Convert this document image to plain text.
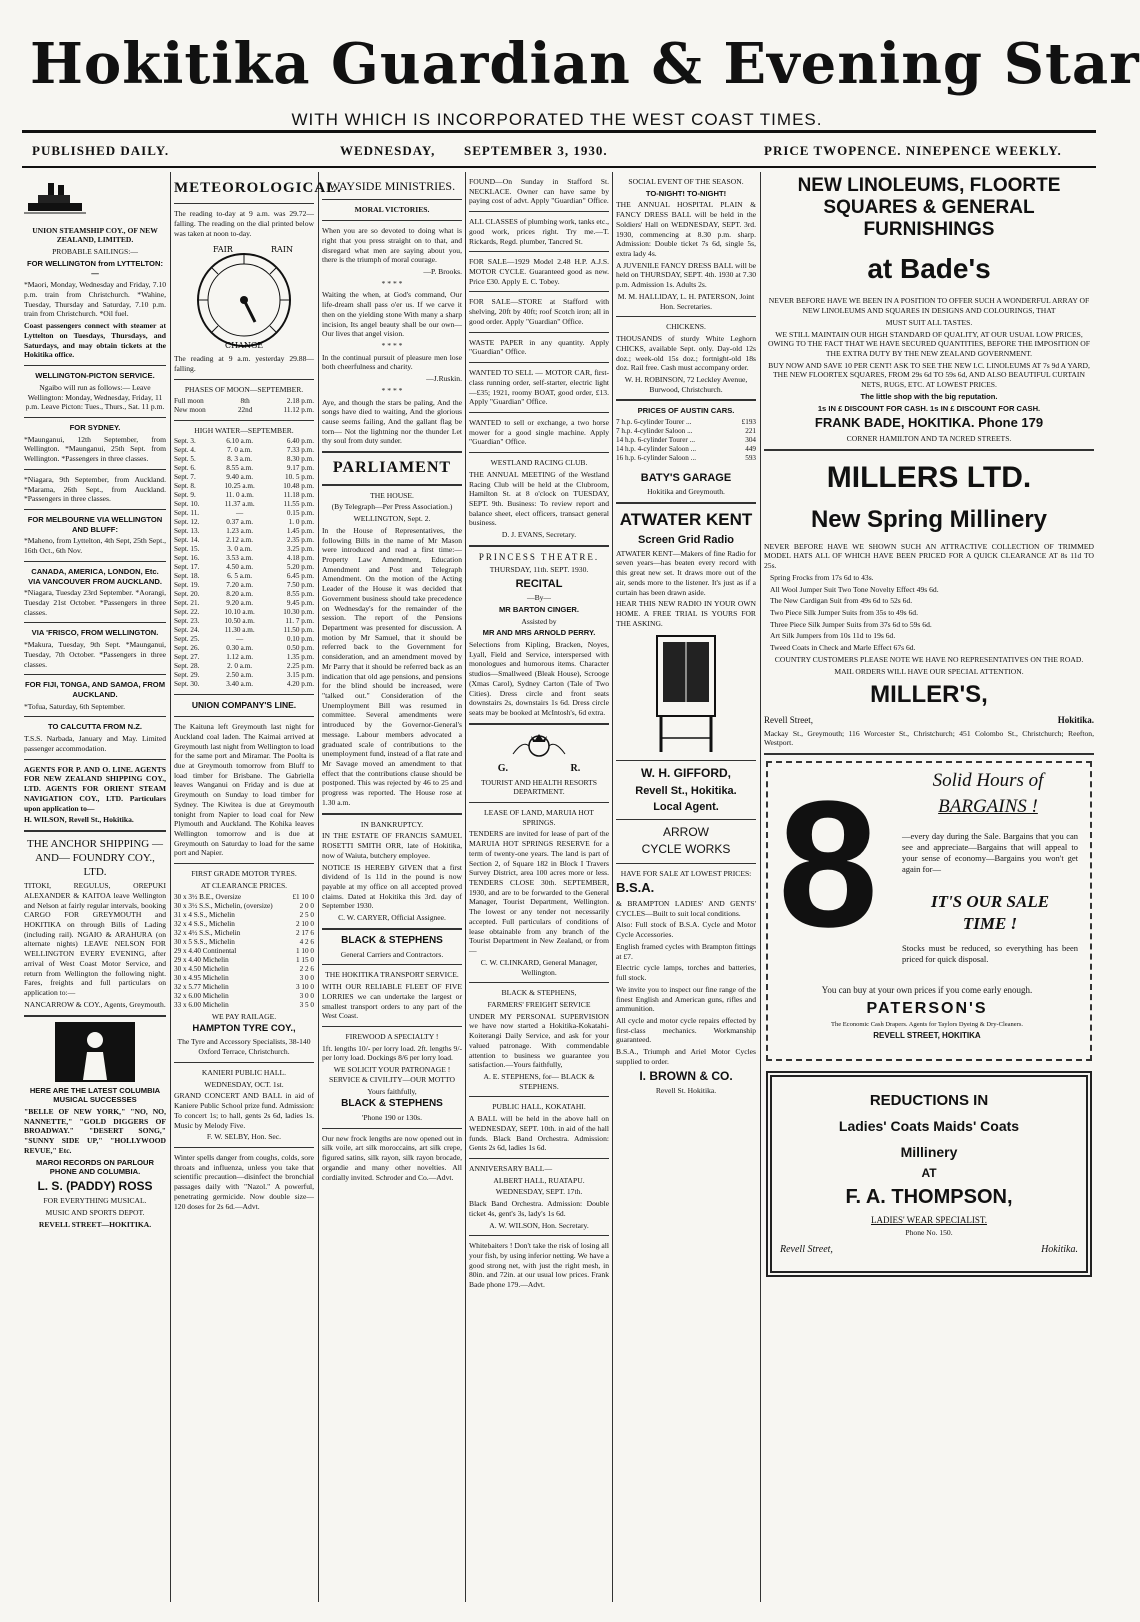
Hokitika Guardian & Evening Star
WITH WHICH IS INCORPORATED THE WEST COAST TIMES.
PUBLISHED DAILY.	WEDNESDAY, SEPTEMBER 3, 1930.	PRICE TWOPENCE. NINEPENCE WEEKLY.

UNION STEAMSHIP COY., OF NEW ZEALAND, LIMITED.

PROBABLE SAILINGS:—

FOR WELLINGTON from LYTTELTON:—

*Maori, Monday, Wednesday and Friday, 7.10 p.m. train from Christchurch. *Wahine, Tuesday, Thursday and Saturday, 7.10 p.m. train from Christchurch. *Oil fuel.

Coast passengers connect with steamer at Lyttelton on Tuesdays, Thursdays, and Saturdays, and may obtain tickets at the Hokitika office.

WELLINGTON-PICTON SERVICE.

Ngaibo will run as follows:— Leave Wellington: Monday, Wednesday, Friday, 11 p.m. Leave Picton: Tues., Thurs., Sat. 11 p.m.

FOR SYDNEY.

*Maunganui, 12th September, from Wellington. *Maunganui, 25th Sept. from Wellington. *Passengers in three classes.

*Niagara, 9th September, from Auckland. *Marama, 26th Sept., from Auckland. *Passengers in three classes.

FOR MELBOURNE VIA WELLINGTON AND BLUFF:

*Maheno, from Lyttelton, 4th Sept, 25th Sept., 16th Oct., 6th Nov.

CANADA, AMERICA, LONDON, Etc. VIA VANCOUVER FROM AUCKLAND.

*Niagara, Tuesday 23rd September. *Aorangi, Tuesday 21st October. *Passengers in three classes.

VIA 'FRISCO, FROM WELLINGTON.

*Makura, Tuesday, 9th Sept. *Maunganui, Tuesday, 7th October. *Passengers in three classes.

FOR FIJI, TONGA, AND SAMOA, FROM AUCKLAND.

*Tofua, Saturday, 6th September.

TO CALCUTTA FROM N.Z.

T.S.S. Narbada, January and May. Limited passenger accommodation.

AGENTS FOR P. AND O. LINE. AGENTS FOR NEW ZEALAND SHIPPING COY., LTD. AGENTS FOR ORIENT STEAM NAVIGATION COY., LTD. Particulars upon application to—

H. WILSON, Revell St., Hokitika.

THE ANCHOR SHIPPING —AND— FOUNDRY COY., LTD.

TITOKI, REGULUS, OREPUKI ALEXANDER & KAITOA leave Wellington and Nelson at fairly regular intervals, booking CARGO FOR GREYMOUTH and HOKITIKA on through Bills of Lading (including rail). NGAIO & ARAHURA (on alternate nights) LEAVE NELSON FOR WELLINGTON EVERY EVENING, after arrival of West Coast Motor Service, and return from Wellington the following night. Fares, freights and full particulars on application to:—

NANCARROW & COY., Agents, Greymouth.

HERE ARE THE LATEST COLUMBIA MUSICAL SUCCESSES

"BELLE OF NEW YORK," "NO, NO, NANNETTE," "GOLD DIGGERS OF BROADWAY." "DESERT SONG," "SUNNY SIDE UP," "HOLLYWOOD REVUE," Etc.

MAROI RECORDS ON PARLOUR PHONE AND COLUMBIA.

L. S. (PADDY) ROSS

FOR EVERYTHING MUSICAL.

MUSIC AND SPORTS DEPOT.

REVELL STREET—HOKITIKA.

METEOROLOGICAL.

The reading to-day at 9 a.m. was 29.72—falling. The reading on the dial printed below was taken at noon to-day.

FAIR	RAIN
CHANGE

The reading at 9 a.m. yesterday 29.88—falling.

PHASES OF MOON—SEPTEMBER.

Full moon	8th	2.18 p.m.
New moon	22nd	11.12 p.m.

HIGH WATER—SEPTEMBER.

Sept. 3.	6.10 a.m.	6.40 p.m.
Sept. 4.	7. 0 a.m.	7.33 p.m.
Sept. 5.	8. 3 a.m.	8.30 p.m.
Sept. 6.	8.55 a.m.	9.17 p.m.
Sept. 7.	9.40 a.m.	10. 5 p.m.
Sept. 8.	10.25 a.m.	10.48 p.m.
Sept. 9.	11. 0 a.m.	11.18 p.m.
Sept. 10.	11.37 a.m.	11.55 p.m.
Sept. 11.	—	0.15 p.m.
Sept. 12.	0.37 a.m.	1. 0 p.m.
Sept. 13.	1.23 a.m.	1.45 p.m.
Sept. 14.	2.12 a.m.	2.35 p.m.
Sept. 15.	3. 0 a.m.	3.25 p.m.
Sept. 16.	3.53 a.m.	4.18 p.m.
Sept. 17.	4.50 a.m.	5.20 p.m.
Sept. 18.	6. 5 a.m.	6.45 p.m.
Sept. 19.	7.20 a.m.	7.50 p.m.
Sept. 20.	8.20 a.m.	8.55 p.m.
Sept. 21.	9.20 a.m.	9.45 p.m.
Sept. 22.	10.10 a.m.	10.30 p.m.
Sept. 23.	10.50 a.m.	11. 7 p.m.
Sept. 24.	11.30 a.m.	11.50 p.m.
Sept. 25.	—	0.10 p.m.
Sept. 26.	0.30 a.m.	0.50 p.m.
Sept. 27.	1.12 a.m.	1.35 p.m.
Sept. 28.	2. 0 a.m.	2.25 p.m.
Sept. 29.	2.50 a.m.	3.15 p.m.
Sept. 30.	3.40 a.m.	4.20 p.m.

UNION COMPANY'S LINE.

The Kaituna left Greymouth last night for Auckland coal laden. The Kaimai arrived at Greymouth last night from Wellington to load for the same port and Miramar. The Poolta is due at Greymouth tomorrow from Bluff to load timber for Brisbane. The Gabriella leaves Wanganui on Friday and is due at Greymouth on Sunday to load timber for Sydney. The Kiwitea is due at Greymouth tonight from Napier to load coal for New Plymouth and Auckland. The Kohika leaves Wellington tomorrow and is due at Greymouth on Saturday to load for the same port and Napier.

FIRST GRADE MOTOR TYRES.

AT CLEARANCE PRICES.

30 x 3½ B.E., Oversize	£1 10 0
30 x 3½ S.S., Michelin, (oversize)	2 0 0
31 x 4 S.S., Michelin	2 5 0
32 x 4 S.S., Michelin	2 10 0
32 x 4½ S.S., Michelin	2 17 6
30 x 5 S.S., Michelin	4 2 6
29 x 4.40 Continental	1 10 0
29 x 4.40 Michelin	1 15 0
30 x 4.50 Michelin	2 2 6
30 x 4.95 Michelin	3 0 0
32 x 5.77 Michelin	3 10 0
32 x 6.00 Michelin	3 0 0
33 x 6.00 Michelin	3 5 0

WE PAY RAILAGE.

HAMPTON TYRE COY.,

The Tyre and Accessory Specialists, 38-140 Oxford Terrace, Christchurch.

KANIERI PUBLIC HALL.

WEDNESDAY, OCT. 1st.

GRAND CONCERT AND BALL in aid of Kaniere Public School prize fund. Admission: To concert 1s; to hall, gents 2s 6d, ladies 1s. Music by Melody Five.

F. W. SELBY, Hon. Sec.

Winter spells danger from coughs, colds, sore throats and influenza, unless you take that scientific precaution—disinfect the bronchial passages daily with "Nazol." A powerful, penetrating germicide. Now double size—120 doses for 2s 6d.—Advt.

WAYSIDE MINISTRIES.

MORAL VICTORIES.

When you are so devoted to doing what is right that you press straight on to that, and disregard what men are saying about you, there is the triumph of moral courage.

—P. Brooks.

* * * *

Waiting the when, at God's command, Our life-dream shall pass o'er us. If we carve it then on the yielding stone With many a sharp incision, Its angel beauty shall be our own— Our lives that angel vision.

* * * *

In the continual pursuit of pleasure men lose both cheerfulness and charity.

—J.Ruskin.

* * * *

Aye, and though the stars be paling, And the songs have died to waiting, And the glorious cause seems failing, And the gallant flag be torn— Not the lightning nor the thunder Let thy soul from duty sunder.

PARLIAMENT

THE HOUSE.

(By Telegraph—Per Press Association.)

WELLINGTON, Sept. 2.

In the House of Representatives, the following Bills in the name of Mr Mason were introduced and read a first time:— Property Law Amendment, Education Amendment and Post and Telegraph Amendment. On the motion of the Acting Leader of the House it was decided that Government business should take precedence on Wednesday's for the remainder of the session. The report of the Pensions Department was presented for discussion. A motion by Mr Samuel, that it should be referred back to the Government for consideration, and an amendment moved by Mr Parry that it should be referred back as an indication that old age pensions, and pensions for the blind should be increased, were "talked out." Consideration of the Unemployment Bill was resumed in committee. Several amendments were introduced by the Governor-General's message. Labour members advocated a graduated scale of contributions to the unemployment fund, instead of a flat rate and Mr Savage moved an amendment to that effect that the contributions clause should be postponed. This was rejected by 46 to 25 and progress was reported. The House rose at 1.30 a.m.

IN BANKRUPTCY.

IN THE ESTATE OF FRANCIS SAMUEL ROSETTI SMITH ORR, late of Hokitika, now of Waiuta, butchery employee.

NOTICE IS HEREBY GIVEN that a first dividend of 1s 11d in the pound is now payable at my office on all accepted proved claims. Dated at Hokitika this 3rd. day of September 1930.

C. W. CARYER, Official Assignee.

BLACK & STEPHENS

General Carriers and Contractors.

THE HOKITIKA TRANSPORT SERVICE.

WITH OUR RELIABLE FLEET OF FIVE LORRIES we can undertake the largest or smallest transport orders to any part of the West Coast.

FIREWOOD A SPECIALTY !

1ft. lengths 10/- per lorry load. 2ft. lengths 9/- per lorry load. Dockings 8/6 per lorry load.

WE SOLICIT YOUR PATRONAGE ! SERVICE & CIVILITY—OUR MOTTO

Yours faithfully,

BLACK & STEPHENS

'Phone 190 or 130s.

Our new frock lengths are now opened out in silk voile, art silk moroccains, art silk crepe, figured satins, silk rayon, silk rayon brocade, organdie and many other novelties. All cordially invited. Schroder and Co.—Advt.

FOUND—On Sunday in Stafford St. NECKLACE. Owner can have same by paying cost of advt. Apply "Guardian" Office.

ALL CLASSES of plumbing work, tanks etc., good work, prices right. Try me.—T. Rickards, Regd. plumber, Tancred St.

FOR SALE—1929 Model 2.48 H.P. A.J.S. MOTOR CYCLE. Guaranteed good as new. Price £30. Apply E. C. Tobey.

FOR SALE—STORE at Stafford with shelving, 20ft by 40ft; roof Scotch iron; all in good order. Apply "Guardian" Office.

WASTE PAPER in any quantity. Apply "Guardian" Office.

WANTED TO SELL — MOTOR CAR, first-class running order, self-starter, electric light—£35; 1921, roomy BOAT, good order, £13. Apply "Guardian" Office.

WANTED to sell or exchange, a two horse mower for a good single machine. Apply "Guardian" Office.

WESTLAND RACING CLUB.

THE ANNUAL MEETING of the Westland Racing Club will be held at the Clubroom, Hamilton St. at 8 o'clock on TUESDAY, SEPT. 9th. Business: To review report and balance sheet, elect officers, transact general business.

D. J. EVANS, Secretary.

PRINCESS THEATRE.

THURSDAY, 11th. SEPT. 1930.

RECITAL

—By—

MR BARTON CINGER.

Assisted by

MR AND MRS ARNOLD PERRY.

Selections from Kipling, Bracken, Noyes, Lyall, Field and Service, interspersed with monologues and humorous items. Character studios—Smallweed (Bleak House), Scrooge (Xmas Carol), Sydney Carton (Tale of Two Cities). Dress circle and front seats downstairs 2s, downstairs 1s 6d. Dress circle seats may be booked at McIntosh's, 6d extra.

G. R.

TOURIST AND HEALTH RESORTS DEPARTMENT.

LEASE OF LAND, MARUIA HOT SPRINGS.

TENDERS are invited for lease of part of the MARUIA HOT SPRINGS RESERVE for a term of twenty-one years. The land is part of Section 2, of Square 182 in Block I Travers Survey District, area 100 acres more or less. TENDERS CLOSE 30th. SEPTEMBER, 1930, and are to be forwarded to the General Manager, Tourist Department, Wellington. The lowest or any tender not necessarily accepted. Full particulars of conditions of lease obtainable from any branch of the Tourist Department in New Zealand, or from—

C. W. CLINKARD, General Manager, Wellington.

BLACK & STEPHENS,

FARMERS' FREIGHT SERVICE

UNDER MY PERSONAL SUPERVISION we have now started a Hokitika-Kokatahi-Koiterangi Daily Service, and ask for your valued patronage. With commendable attention to business we guarantee you satisfaction.—Yours faithfully,

A. E. STEPHENS, for— BLACK & STEPHENS.

PUBLIC HALL, KOKATAHI.

A BALL will be held in the above hall on WEDNESDAY, SEPT. 10th. in aid of the hall funds. Black Band Orchestra. Admission: Gents 2s 6d, ladies 1s 6d.

ANNIVERSARY BALL—

ALBERT HALL, RUATAPU.

WEDNESDAY, SEPT. 17th.

Black Band Orchestra. Admission: Double ticket 4s, gent's 3s, lady's 1s 6d.

A. W. WILSON, Hon. Secretary.

Whitebaiters ! Don't take the risk of losing all your fish, by using inferior netting. We have a good strong net, with just the right mesh, in 80in. and 72in. at our usual low prices. Frank Bade phone 179.—Advt.

SOCIAL EVENT OF THE SEASON.

TO-NIGHT! TO-NIGHT!

THE ANNUAL HOSPITAL PLAIN & FANCY DRESS BALL will be held in the Soldiers' Hall on WEDNESDAY, SEPT. 3rd. 1930, commencing at 8.30 p.m. sharp. Admission: Double ticket 7s 6d, single 5s, extra lady 4s.

A JUVENILE FANCY DRESS BALL will be held on THURSDAY, SEPT. 4th. 1930 at 7.30 p.m. Admission 1s. Adults 2s.

M. M. HALLIDAY, L. H. PATERSON, Joint Hon. Secretaries.

CHICKENS.

THOUSANDS of sturdy White Leghorn CHICKS, available Sept. only. Day-old 12s doz.; week-old 15s doz.; fortnight-old 18s doz. Rail free. Cash must accompany order.

W. H. ROBINSON, 72 Leckley Avenue, Burwood, Christchurch.

PRICES OF AUSTIN CARS.

7 h.p. 6-cylinder Tourer ...	£193
7 h.p. 4-cylinder Saloon ...	221
14 h.p. 6-cylinder Tourer ...	304
14 h.p. 4-cylinder Saloon ...	449
16 h.p. 6-cylinder Saloon ...	593

BATY'S GARAGE

Hokitika and Greymouth.

ATWATER KENT

Screen Grid Radio

ATWATER KENT—Makers of fine Radio for seven years—has beaten every record with this great new set. It draws more out of the air, sends more to the listener. It's just as if a curtain has been drawn aside.

HEAR THIS NEW RADIO IN YOUR OWN HOME. A FREE TRIAL IS YOURS FOR THE ASKING.

W. H. GIFFORD,

Revell St., Hokitika.

Local Agent.

ARROW

CYCLE WORKS

HAVE FOR SALE AT LOWEST PRICES:

B.S.A.

& BRAMPTON LADIES' AND GENTS' CYCLES—Built to suit local conditions.

Also: Full stock of B.S.A. Cycle and Motor Cycle Accessories.

English framed cycles with Brampton fittings at £7.

Electric cycle lamps, torches and batteries, full stock.

We invite you to inspect our fine range of the finest English and American guns, rifles and ammunition.

All cycle and motor cycle repairs effected by first-class mechanics. Workmanship guaranteed.

B.S.A., Triumph and Ariel Motor Cycles supplied to order.

I. BROWN & CO.

Revell St. Hokitika.

NEW LINOLEUMS, FLOORTE SQUARES & GENERAL FURNISHINGS
at Bade's

NEVER BEFORE HAVE WE BEEN IN A POSITION TO OFFER SUCH A WONDERFUL ARRAY OF NEW LINOLEUMS AND SQUARES IN DESIGNS AND COLOURINGS, THAT

MUST SUIT ALL TASTES.

WE STILL MAINTAIN OUR HIGH STANDARD OF QUALITY, AT OUR USUAL LOW PRICES, OWING TO THE FACT THAT WE HAVE SECURED QUANTITIES, BEFORE THE IMPOSITION OF THE EXTRA DUTY BY THE NEW ZEALAND GOVERNMENT.

BUY NOW AND SAVE 10 PER CENT! ASK TO SEE THE NEW I.C. LINOLEUMS AT 7s 9d A YARD, THE NEW FLOORTEX SQUARES, FROM 29s 6d TO 59s 6d, AND ALSO BEAUTIFUL CURTAIN NETS, RUGS, ETC. AT LOWEST PRICES.

The little shop with the big reputation.

1s IN £ DISCOUNT FOR CASH. 1s IN £ DISCOUNT FOR CASH.

FRANK BADE, HOKITIKA. Phone 179

CORNER HAMILTON AND TA NCRED STREETS.

MILLERS LTD.
New Spring Millinery

NEVER BEFORE HAVE WE SHOWN SUCH AN ATTRACTIVE COLLECTION OF TRIMMED MODEL HATS ALL OF WHICH HAVE BEEN PRICED FOR A QUICK CLEARANCE AT 8s 11d TO 25s.

Spring Frocks from 17s 6d to 43s.

All Wool Jumper Suit Two Tone Novelty Effect 49s 6d.

The New Cardigan Suit from 49s 6d to 52s 6d.

Two Piece Silk Jumper Suits from 35s to 49s 6d.

Three Piece Silk Jumper Suits from 37s 6d to 59s 6d.

Art Silk Jumpers from 10s 11d to 19s 6d.

Tweed Coats in Check and Marle Effect 67s 6d.

COUNTRY CUSTOMERS PLEASE NOTE WE HAVE NO REPRESENTATIVES ON THE ROAD.

MAIL ORDERS WILL HAVE OUR SPECIAL ATTENTION.

MILLER'S,

Revell Street,	Hokitika.

Mackay St., Greymouth; 116 Worcester St., Christchurch; 451 Colombo St., Christchurch; Reefton, Westport.

8	Solid Hours of
BARGAINS !

—every day during the Sale. Bargains that you can see and appreciate—Bargains that will appeal to your sense of economy—Bargains you won't get again for—

IT'S OUR SALE
TIME !

Stocks must be reduced, so everything has been priced for quick disposal.

You can buy at your own prices if you come early enough.

PATERSON'S

The Economic Cash Drapers. Agents for Taylors Dyeing & Dry-Cleaners.

REVELL STREET, HOKITIKA

REDUCTIONS IN
Ladies' Coats Maids' Coats
Millinery
AT
F. A. THOMPSON,

LADIES' WEAR SPECIALIST.

Phone No. 150.

Revell Street,	Hokitika.
